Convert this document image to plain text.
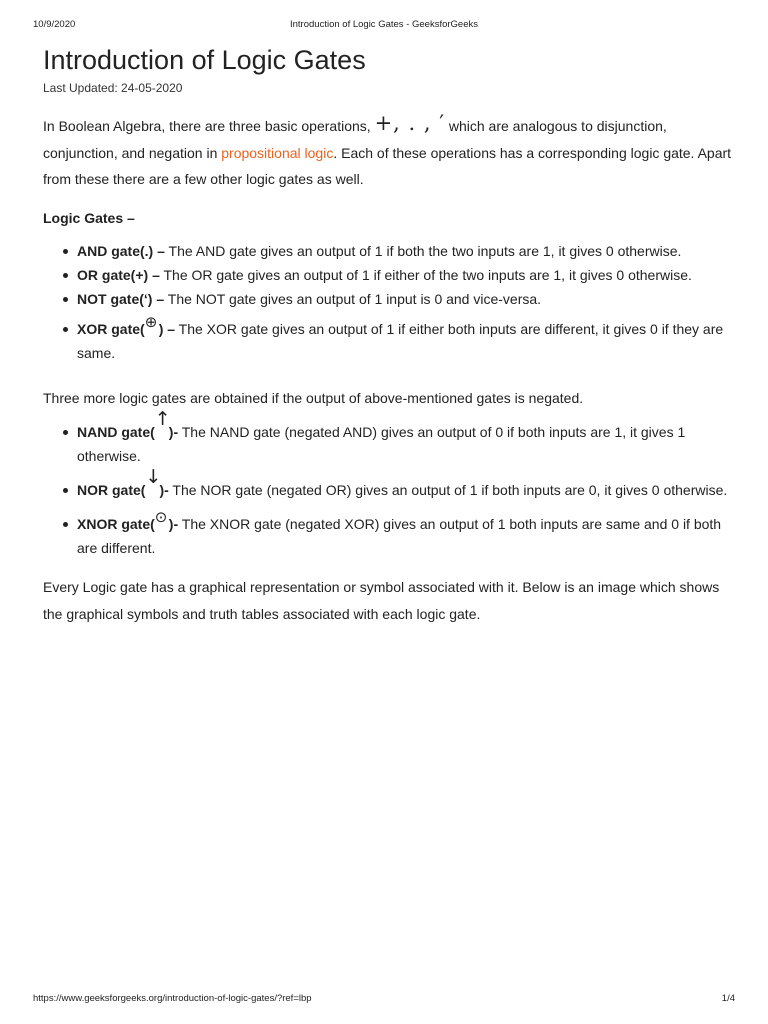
10/9/2020	Introduction of Logic Gates - GeeksforGeeks
Introduction of Logic Gates
Last Updated: 24-05-2020

In Boolean Algebra, there are three basic operations, +, . , ′ which are analogous to disjunction, conjunction, and negation in propositional logic. Each of these operations has a corresponding logic gate. Apart from these there are a few other logic gates as well.

Logic Gates –
AND gate(.) – The AND gate gives an output of 1 if both the two inputs are 1, it gives 0 otherwise.
OR gate(+) – The OR gate gives an output of 1 if either of the two inputs are 1, it gives 0 otherwise.
NOT gate(‘) – The NOT gate gives an output of 1 input is 0 and vice-versa.
XOR gate( ⊕ ) – The XOR gate gives an output of 1 if either both inputs are different, it gives 0 if they are same.

Three more logic gates are obtained if the output of above-mentioned gates is negated.

NAND gate(
↑
)- The NAND gate (negated AND) gives an output of 0 if both inputs are 1, it gives 1 otherwise.
NOR gate(
↓
)- The NOR gate (negated OR) gives an output of 1 if both inputs are 0, it gives 0 otherwise.
XNOR gate( ⊙ )- The XNOR gate (negated XOR) gives an output of 1 both inputs are same and 0 if both are different.

Every Logic gate has a graphical representation or symbol associated with it. Below is an image which shows the graphical symbols and truth tables associated with each logic gate.

https://www.geeksforgeeks.org/introduction-of-logic-gates/?ref=lbp	1/4
